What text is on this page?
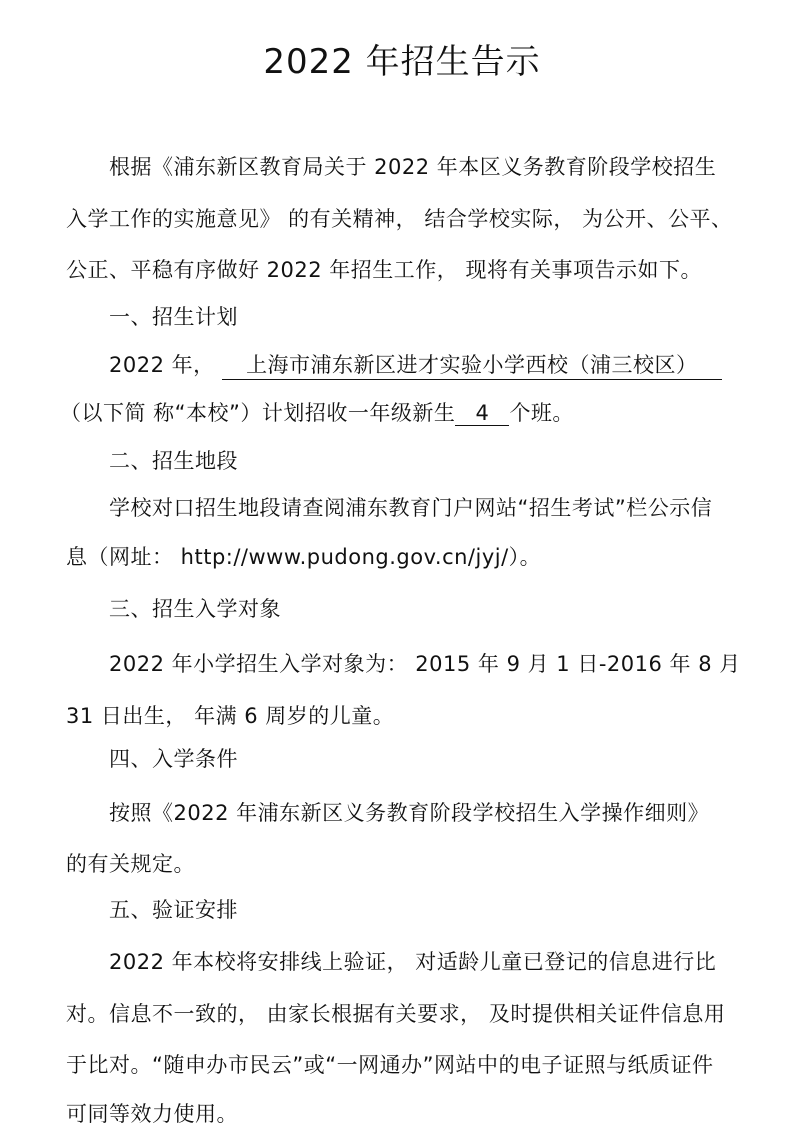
2022 年招生告示
根据《浦东新区教育局关于 2022 年本区义务教育阶段学校招生
入学工作的实施意见》 的有关精神， 结合学校实际， 为公开、公平、
公正、平稳有序做好 2022 年招生工作， 现将有关事项告示如下。
一、招生计划
2022 年， 上海市浦东新区进才实验小学西校（浦三校区）
（以下简 称“本校”）计划招收一年级新生 4 个班。
二、招生地段
学校对口招生地段请查阅浦东教育门户网站“招生考试”栏公示信
息（网址： http://www.pudong.gov.cn/jyj/）。
三、招生入学对象
2022 年小学招生入学对象为： 2015 年 9 月 1 日-2016 年 8 月
31 日出生， 年满 6 周岁的儿童。
四、入学条件
按照《2022 年浦东新区义务教育阶段学校招生入学操作细则》
的有关规定。
五、验证安排
2022 年本校将安排线上验证， 对适龄儿童已登记的信息进行比
对。信息不一致的， 由家长根据有关要求， 及时提供相关证件信息用
于比对。“随申办市民云”或“一网通办”网站中的电子证照与纸质证件
可同等效力使用。
